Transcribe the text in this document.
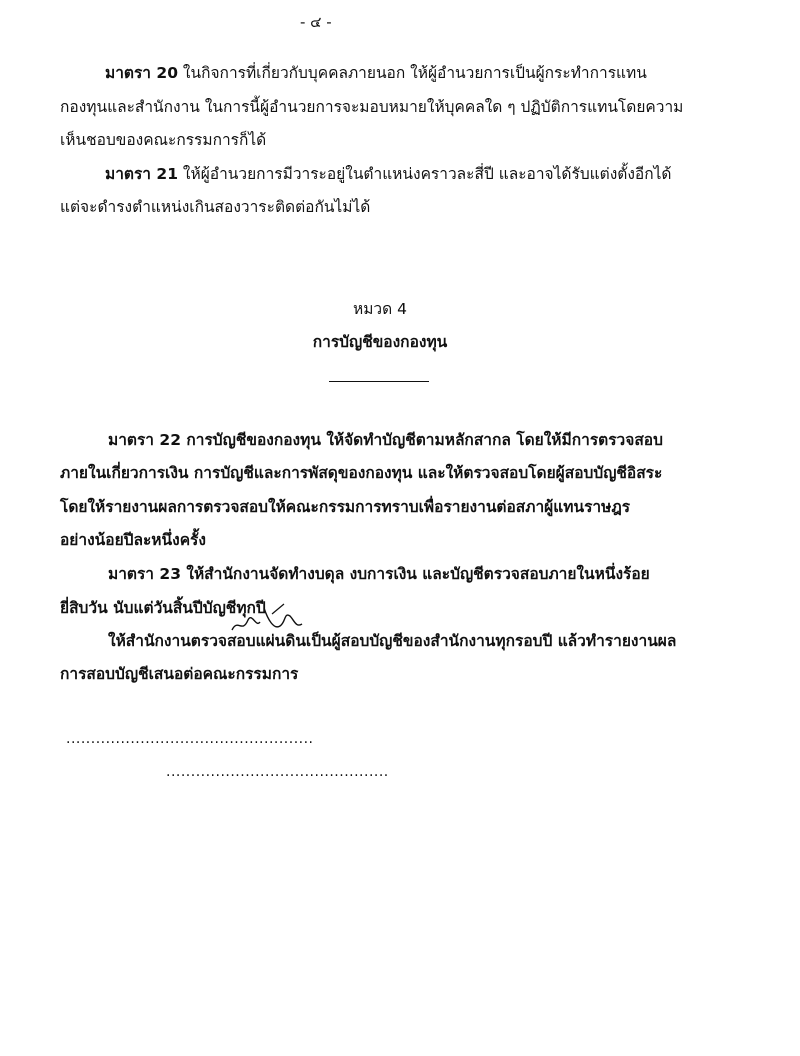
- ๔ -
มาตรา 20 ในกิจการที่เกี่ยวกับบุคคลภายนอก ให้ผู้อำนวยการเป็นผู้กระทำการแทน
กองทุนและสำนักงาน ในการนี้ผู้อำนวยการจะมอบหมายให้บุคคลใด ๆ ปฏิบัติการแทนโดยความ
เห็นชอบของคณะกรรมการก็ได้
มาตรา 21 ให้ผู้อำนวยการมีวาระอยู่ในตำแหน่งคราวละสี่ปี และอาจได้รับแต่งตั้งอีกได้
แต่จะดำรงตำแหน่งเกินสองวาระติดต่อกันไม่ได้
หมวด 4
การบัญชีของกองทุน
มาตรา 22 การบัญชีของกองทุน ให้จัดทำบัญชีตามหลักสากล โดยให้มีการตรวจสอบ
ภายในเกี่ยวการเงิน การบัญชีและการพัสดุของกองทุน และให้ตรวจสอบโดยผู้สอบบัญชีอิสระ
โดยให้รายงานผลการตรวจสอบให้คณะกรรมการทราบเพื่อรายงานต่อสภาผู้แทนราษฎร
อย่างน้อยปีละหนึ่งครั้ง
มาตรา 23 ให้สำนักงานจัดทำงบดุล งบการเงิน และบัญชีตรวจสอบภายในหนึ่งร้อย
ยี่สิบวัน นับแต่วันสิ้นปีบัญชีทุกปี
ให้สำนักงานตรวจสอบแผ่นดินเป็นผู้สอบบัญชีของสำนักงานทุกรอบปี แล้วทำรายงานผล
การสอบบัญชีเสนอต่อคณะกรรมการ
..................................................
.............................................
